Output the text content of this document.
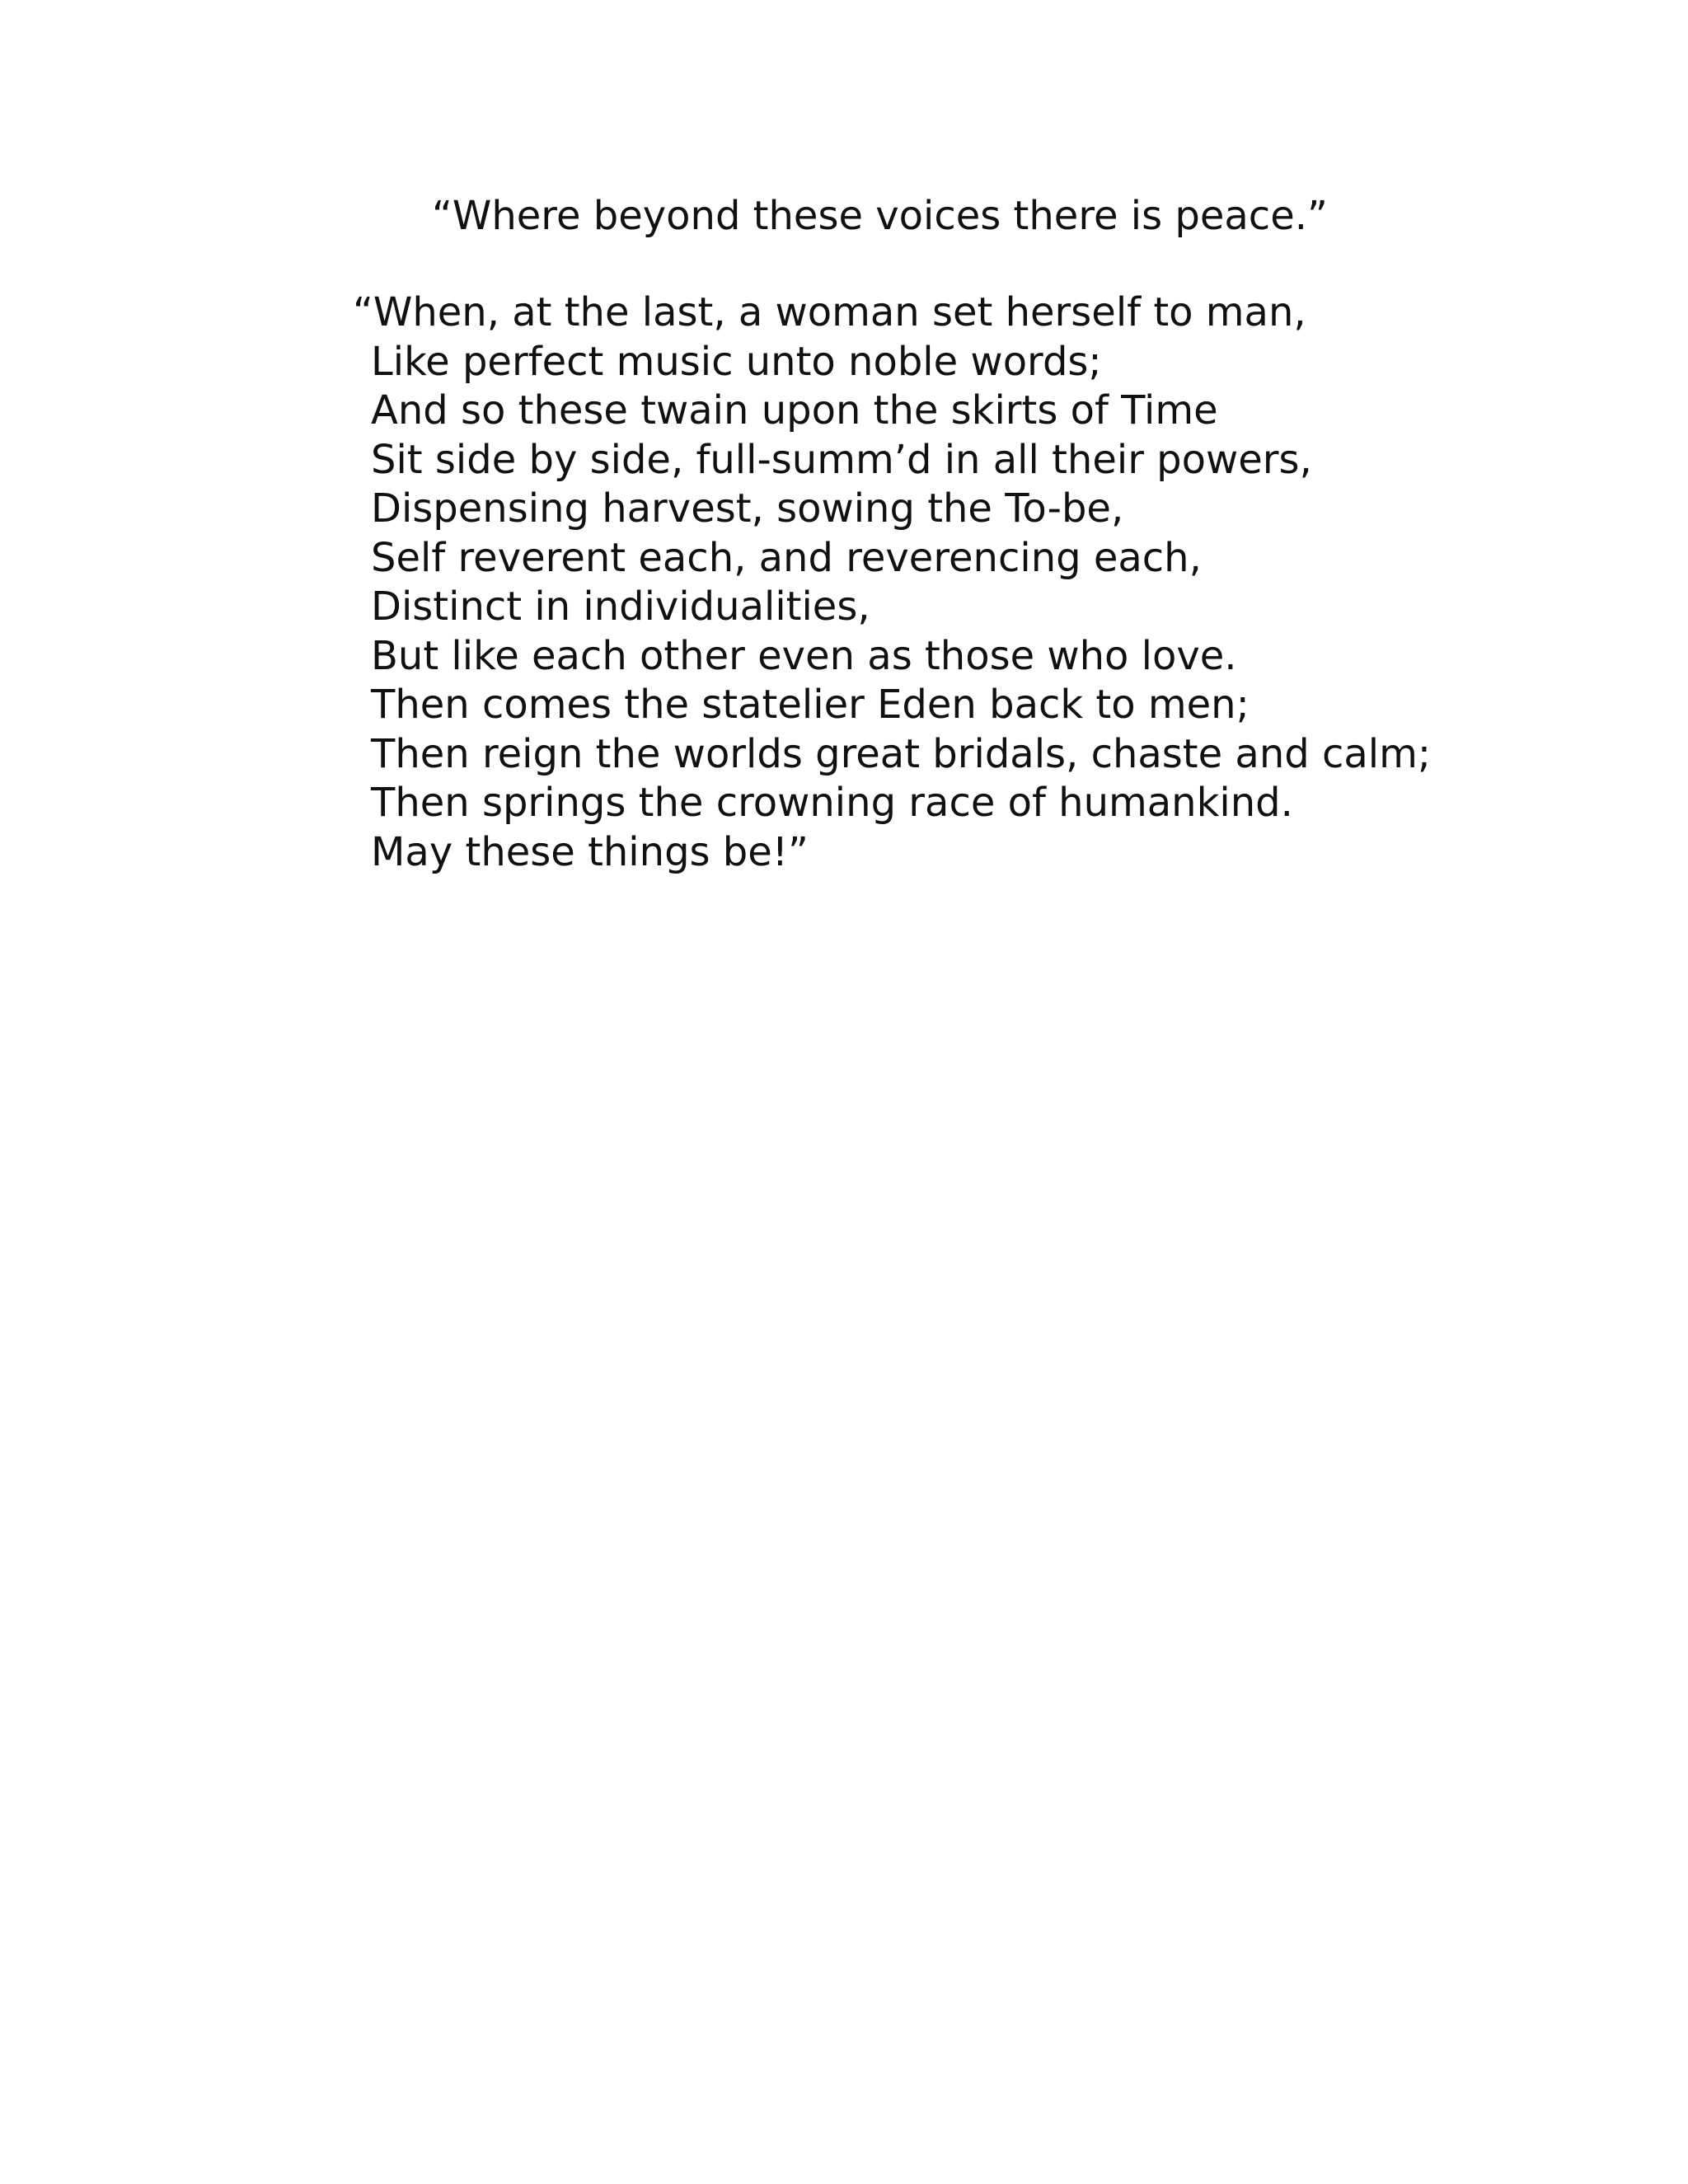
“Where beyond these voices there is peace.”

“When, at the last, a woman set herself to man,
Like perfect music unto noble words;
And so these twain upon the skirts of Time
Sit side by side, full-summ’d in all their powers,
Dispensing harvest, sowing the To-be,
Self reverent each, and reverencing each,
Distinct in individualities,
But like each other even as those who love.
Then comes the statelier Eden back to men;
Then reign the worlds great bridals, chaste and calm;
Then springs the crowning race of humankind.
May these things be!”
